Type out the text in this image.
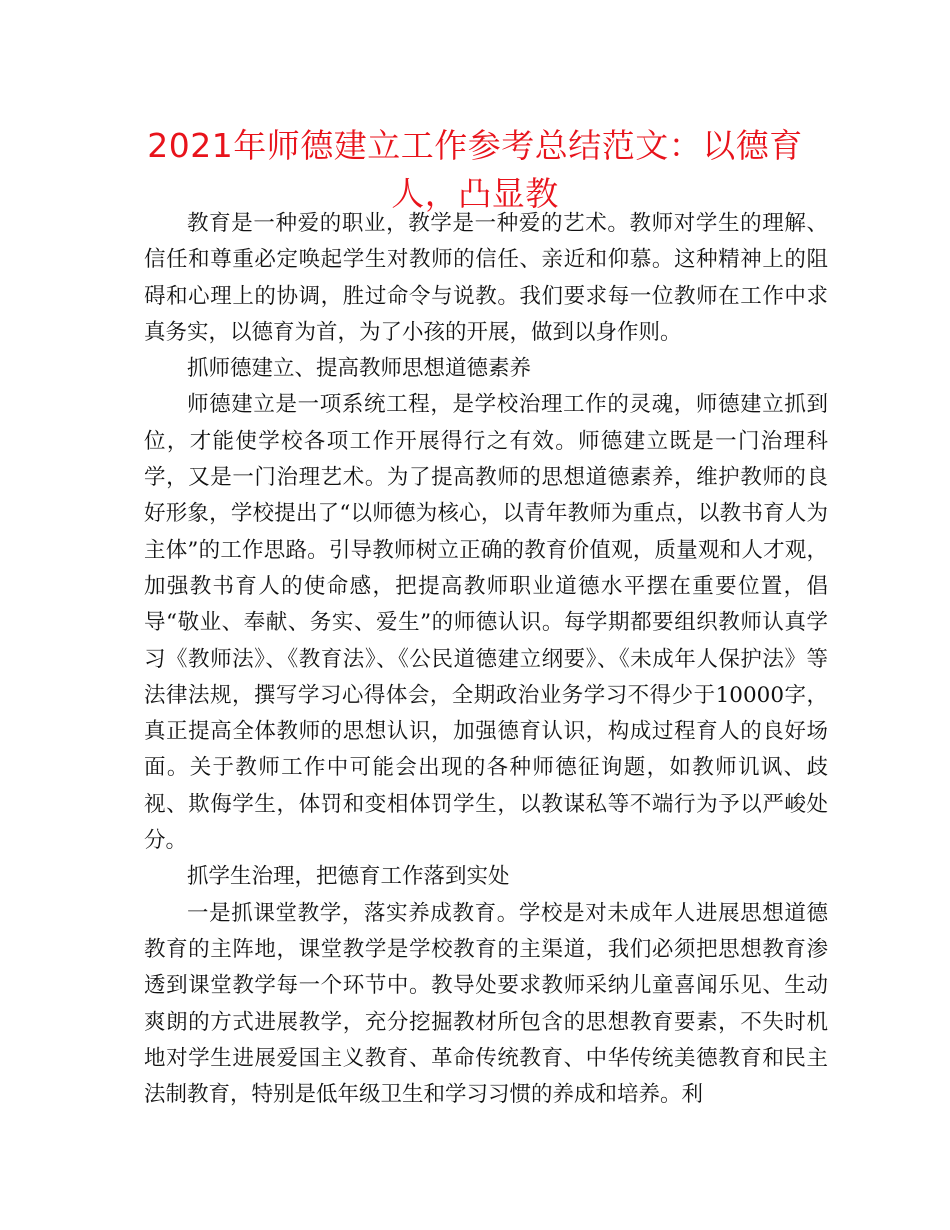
2021年师德建立工作参考总结范文：以德育人，凸显教

教育是一种爱的职业，教学是一种爱的艺术。教师对学生的理解、信任和尊重必定唤起学生对教师的信任、亲近和仰慕。这种精神上的阻碍和心理上的协调，胜过命令与说教。我们要求每一位教师在工作中求真务实，以德育为首，为了小孩的开展，做到以身作则。

抓师德建立、提高教师思想道德素养

师德建立是一项系统工程，是学校治理工作的灵魂，师德建立抓到位，才能使学校各项工作开展得行之有效。师德建立既是一门治理科学，又是一门治理艺术。为了提高教师的思想道德素养，维护教师的良好形象，学校提出了“以师德为核心，以青年教师为重点，以教书育人为主体”的工作思路。引导教师树立正确的教育价值观，质量观和人才观，加强教书育人的使命感，把提高教师职业道德水平摆在重要位置，倡导“敬业、奉献、务实、爱生”的师德认识。每学期都要组织教师认真学习《教师法》、《教育法》、《公民道德建立纲要》、《未成年人保护法》等法律法规，撰写学习心得体会，全期政治业务学习不得少于10000字，真正提高全体教师的思想认识，加强德育认识，构成过程育人的良好场面。关于教师工作中可能会出现的各种师德征询题，如教师讥讽、歧视、欺侮学生，体罚和变相体罚学生，以教谋私等不端行为予以严峻处分。

抓学生治理，把德育工作落到实处

一是抓课堂教学，落实养成教育。学校是对未成年人进展思想道德教育的主阵地，课堂教学是学校教育的主渠道，我们必须把思想教育渗透到课堂教学每一个环节中。教导处要求教师采纳儿童喜闻乐见、生动爽朗的方式进展教学，充分挖掘教材所包含的思想教育要素，不失时机地对学生进展爱国主义教育、革命传统教育、中华传统美德教育和民主法制教育，特别是低年级卫生和学习习惯的养成和培养。利
